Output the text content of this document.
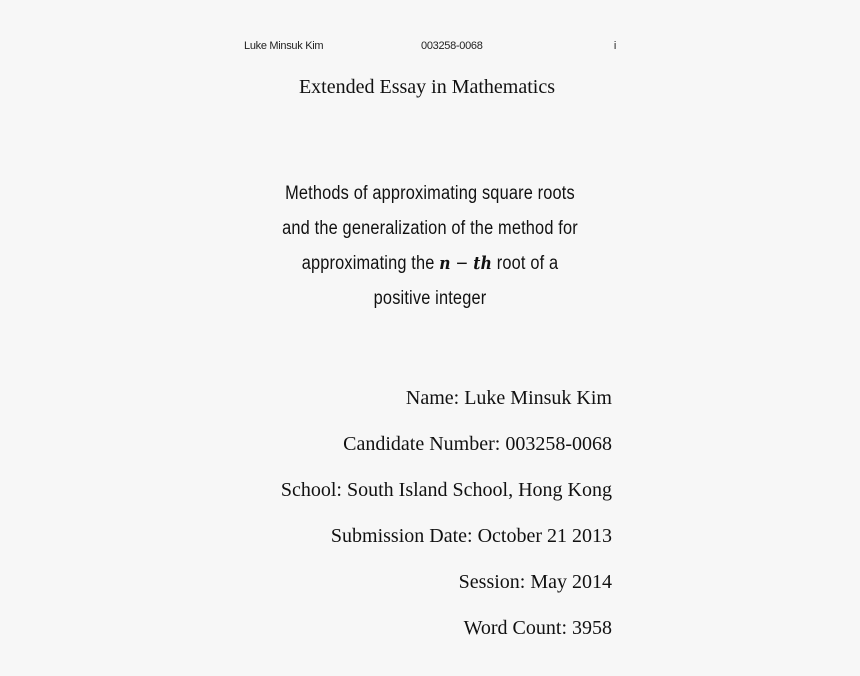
Luke Minsuk Kim	003258-0068	i
Extended Essay in Mathematics
Methods of approximating square roots
and the generalization of the method for
approximating the n − th root of a
positive integer
Name: Luke Minsuk Kim
Candidate Number: 003258-0068
School: South Island School, Hong Kong
Submission Date: October 21 2013
Session: May 2014
Word Count: 3958
